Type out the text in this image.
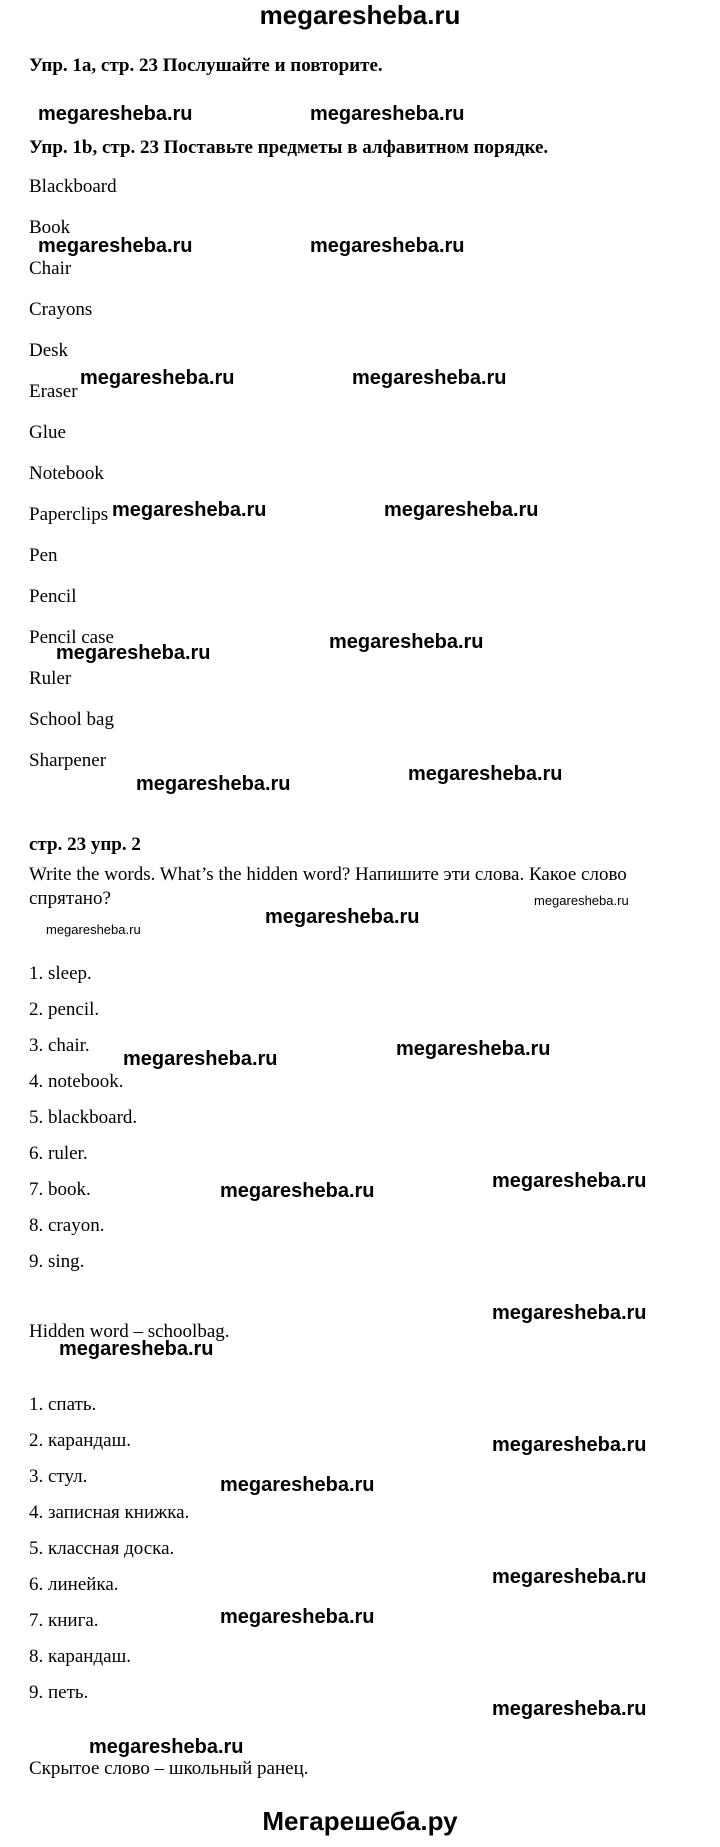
megaresheba.ru
Упр. 1а, стр. 23 Послушайте и повторите.
Упр. 1b, стр. 23 Поставьте предметы в алфавитном порядке.
Blackboard
Book
Chair
Crayons
Desk
Eraser
Glue
Notebook
Paperclips
Pen
Pencil
Pencil case
Ruler
School bag
Sharpener
стр. 23 упр. 2
Write the words. What’s the hidden word? Напишите эти слова. Какое слово спрятано?
1. sleep.
2. pencil.
3. chair.
4. notebook.
5. blackboard.
6. ruler.
7. book.
8. crayon.
9. sing.
Hidden word – schoolbag.
1. спать.
2. карандаш.
3. стул.
4. записная книжка.
5. классная доска.
6. линейка.
7. книга.
8. карандаш.
9. петь.
Скрытое слово – школьный ранец.
megaresheba.ru	megaresheba.ru
megaresheba.ru	megaresheba.ru
megaresheba.ru	megaresheba.ru
megaresheba.ru	megaresheba.ru
megaresheba.ru	megaresheba.ru
megaresheba.ru	megaresheba.ru
megaresheba.ru
megaresheba.ru
megaresheba.ru
megaresheba.ru	megaresheba.ru
megaresheba.ru	megaresheba.ru
megaresheba.ru
megaresheba.ru
megaresheba.ru
megaresheba.ru
megaresheba.ru
megaresheba.ru
megaresheba.ru
megaresheba.ru
Мегарешеба.ру
